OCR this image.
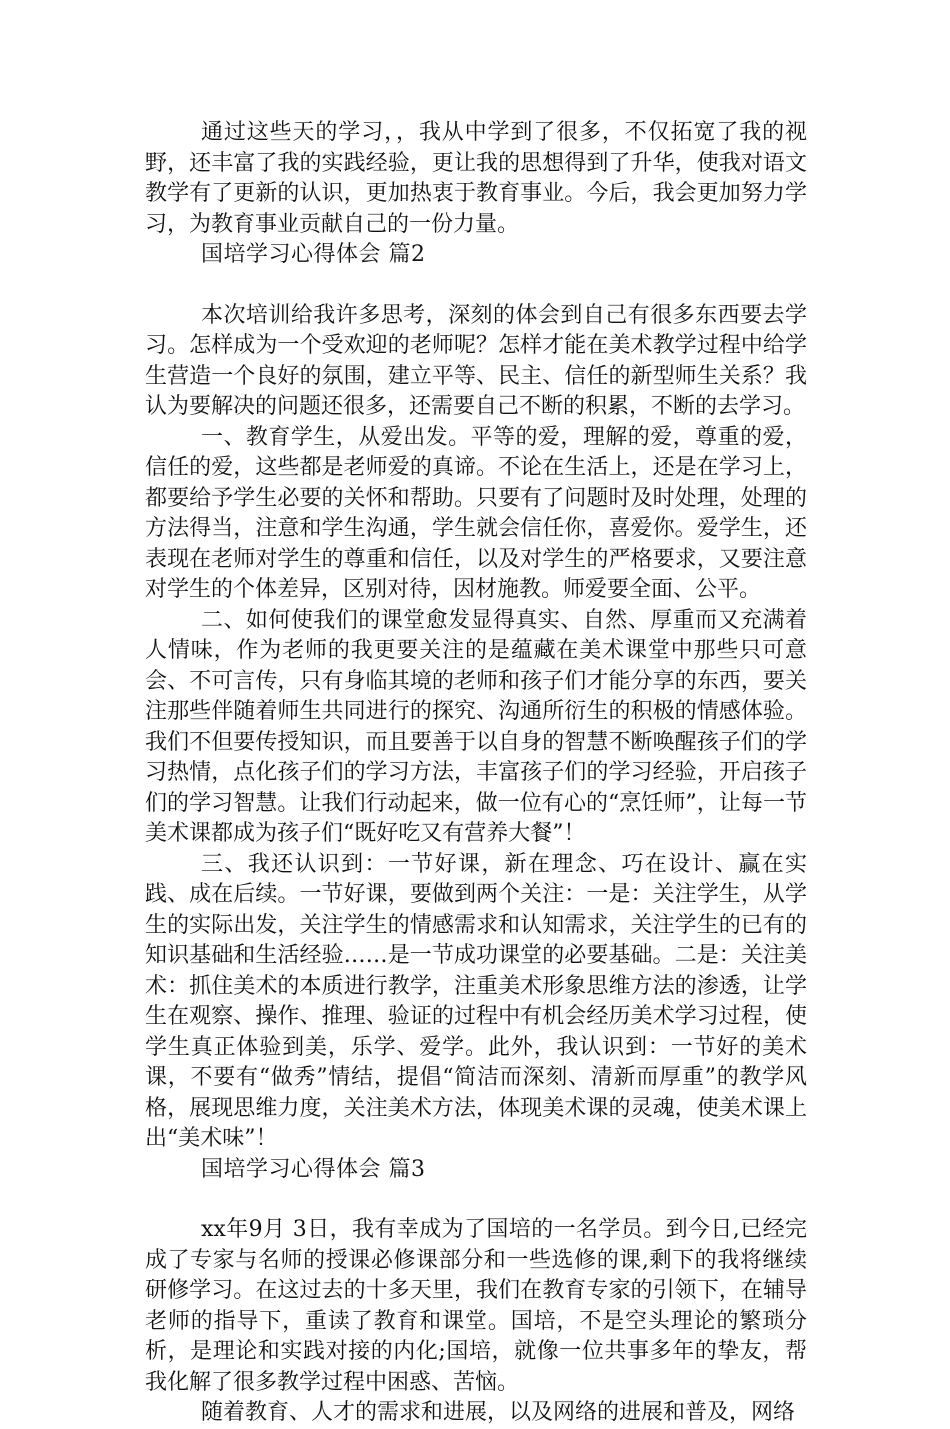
通过这些天的学习，，我从中学到了很多，不仅拓宽了我的视野，还丰富了我的实践经验，更让我的思想得到了升华，使我对语文教学有了更新的认识，更加热衷于教育事业。今后，我会更加努力学习，为教育事业贡献自己的一份力量。

国培学习心得体会 篇2

本次培训给我许多思考，深刻的体会到自己有很多东西要去学习。怎样成为一个受欢迎的老师呢？怎样才能在美术教学过程中给学生营造一个良好的氛围，建立平等、民主、信任的新型师生关系？我认为要解决的问题还很多，还需要自己不断的积累，不断的去学习。

一、教育学生，从爱出发。平等的爱，理解的爱，尊重的爱，信任的爱，这些都是老师爱的真谛。不论在生活上，还是在学习上，都要给予学生必要的关怀和帮助。只要有了问题时及时处理，处理的方法得当，注意和学生沟通，学生就会信任你，喜爱你。爱学生，还表现在老师对学生的尊重和信任，以及对学生的严格要求，又要注意对学生的个体差异，区别对待，因材施教。师爱要全面、公平。

二、如何使我们的课堂愈发显得真实、自然、厚重而又充满着人情味，作为老师的我更要关注的是蕴藏在美术课堂中那些只可意会、不可言传，只有身临其境的老师和孩子们才能分享的东西，要关注那些伴随着师生共同进行的探究、沟通所衍生的积极的情感体验。我们不但要传授知识，而且要善于以自身的智慧不断唤醒孩子们的学习热情，点化孩子们的学习方法，丰富孩子们的学习经验，开启孩子们的学习智慧。让我们行动起来，做一位有心的“烹饪师”，让每一节美术课都成为孩子们“既好吃又有营养大餐”！

三、我还认识到：一节好课，新在理念、巧在设计、赢在实践、成在后续。一节好课，要做到两个关注：一是：关注学生，从学生的实际出发，关注学生的情感需求和认知需求，关注学生的已有的知识基础和生活经验……是一节成功课堂的必要基础。二是：关注美术：抓住美术的本质进行教学，注重美术形象思维方法的渗透，让学生在观察、操作、推理、验证的过程中有机会经历美术学习过程，使学生真正体验到美，乐学、爱学。此外，我认识到：一节好的美术课，不要有“做秀”情结，提倡“简洁而深刻、清新而厚重”的教学风格，展现思维力度，关注美术方法，体现美术课的灵魂，使美术课上出“美术味”！

国培学习心得体会 篇3

xx年9月 3日，我有幸成为了国培的一名学员。到今日,已经完成了专家与名师的授课必修课部分和一些选修的课,剩下的我将继续研修学习。在这过去的十多天里，我们在教育专家的引领下，在辅导老师的指导下，重读了教育和课堂。国培，不是空头理论的繁琐分析，是理论和实践对接的内化;国培，就像一位共事多年的挚友，帮我化解了很多教学过程中困惑、苦恼。

随着教育、人才的需求和进展，以及网络的进展和普及，网络
